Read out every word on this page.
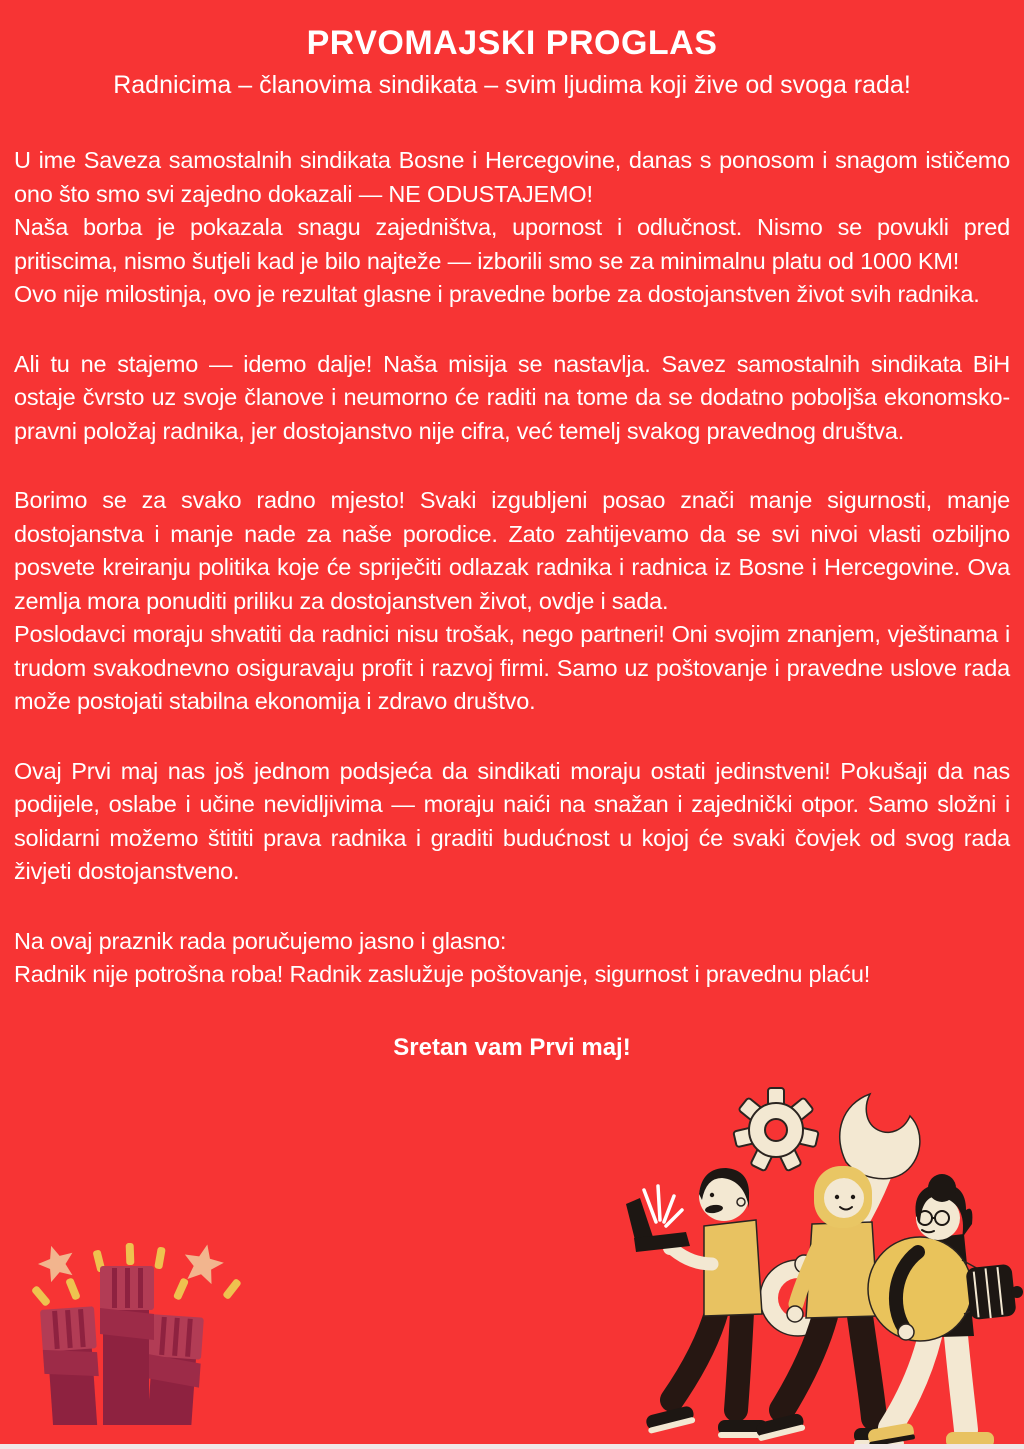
PRVOMAJSKI PROGLAS

Radnicima – članovima sindikata – svim ljudima koji žive od svoga rada!

U ime Saveza samostalnih sindikata Bosne i Hercegovine, danas s ponosom i snagom ističemo ono što smo svi zajedno dokazali — NE ODUSTAJEMO!

Naša borba je pokazala snagu zajedništva, upornost i odlučnost. Nismo se povukli pred pritiscima, nismo šutjeli kad je bilo najteže — izborili smo se za minimalnu platu od 1000 KM!

Ovo nije milostinja, ovo je rezultat glasne i pravedne borbe za dostojanstven život svih radnika.

Ali tu ne stajemo — idemo dalje! Naša misija se nastavlja. Savez samostalnih sindikata BiH ostaje čvrsto uz svoje članove i neumorno će raditi na tome da se dodatno poboljša ekonomsko-pravni položaj radnika, jer dostojanstvo nije cifra, već temelj svakog pravednog društva.

Borimo se za svako radno mjesto! Svaki izgubljeni posao znači manje sigurnosti, manje dostojanstva i manje nade za naše porodice. Zato zahtijevamo da se svi nivoi vlasti ozbiljno posvete kreiranju politika koje će spriječiti odlazak radnika i radnica iz Bosne i Hercegovine. Ova zemlja mora ponuditi priliku za dostojanstven život, ovdje i sada.

Poslodavci moraju shvatiti da radnici nisu trošak, nego partneri! Oni svojim znanjem, vještinama i trudom svakodnevno osiguravaju profit i razvoj firmi. Samo uz poštovanje i pravedne uslove rada može postojati stabilna ekonomija i zdravo društvo.

Ovaj Prvi maj nas još jednom podsjeća da sindikati moraju ostati jedinstveni! Pokušaji da nas podijele, oslabe i učine nevidljivima — moraju naići na snažan i zajednički otpor. Samo složni i solidarni možemo štititi prava radnika i graditi budućnost u kojoj će svaki čovjek od svog rada živjeti dostojanstveno.

Na ovaj praznik rada poručujemo jasno i glasno:

Radnik nije potrošna roba! Radnik zaslužuje poštovanje, sigurnost i pravednu plaću!

Sretan vam Prvi maj!
